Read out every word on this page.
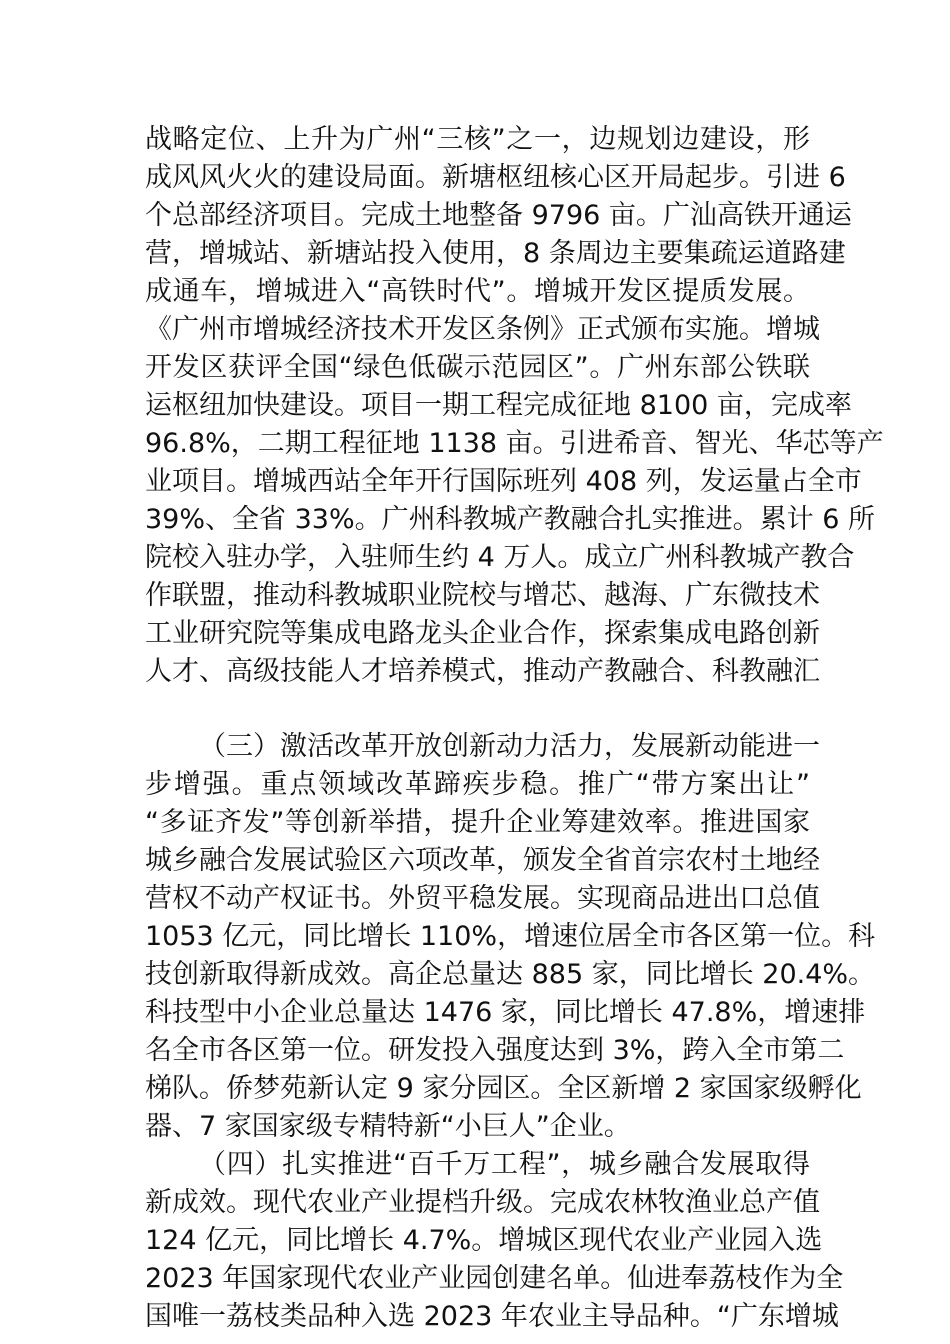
战略定位、上升为广州“三核”之一，边规划边建设，形
成风风火火的建设局面。新塘枢纽核心区开局起步。引进 6
个总部经济项目。完成土地整备 9796 亩。广汕高铁开通运
营，增城站、新塘站投入使用，8 条周边主要集疏运道路建
成通车，增城进入“高铁时代”。增城开发区提质发展。
《广州市增城经济技术开发区条例》正式颁布实施。增城
开发区获评全国“绿色低碳示范园区”。广州东部公铁联
运枢纽加快建设。项目一期工程完成征地 8100 亩，完成率
96.8%，二期工程征地 1138 亩。引进希音、智光、华芯等产
业项目。增城西站全年开行国际班列 408 列，发运量占全市
39%、全省 33%。广州科教城产教融合扎实推进。累计 6 所
院校入驻办学，入驻师生约 4 万人。成立广州科教城产教合
作联盟，推动科教城职业院校与增芯、越海、广东微技术
工业研究院等集成电路龙头企业合作，探索集成电路创新
人才、高级技能人才培养模式，推动产教融合、科教融汇
（三）激活改革开放创新动力活力，发展新动能进一
步增强。重点领域改革蹄疾步稳。推广“带方案出让”
“多证齐发”等创新举措，提升企业筹建效率。推进国家
城乡融合发展试验区六项改革，颁发全省首宗农村土地经
营权不动产权证书。外贸平稳发展。实现商品进出口总值
1053 亿元，同比增长 110%，增速位居全市各区第一位。科
技创新取得新成效。高企总量达 885 家，同比增长 20.4%。
科技型中小企业总量达 1476 家，同比增长 47.8%，增速排
名全市各区第一位。研发投入强度达到 3%，跨入全市第二
梯队。侨梦苑新认定 9 家分园区。全区新增 2 家国家级孵化
器、7 家国家级专精特新“小巨人”企业。
（四）扎实推进“百千万工程”，城乡融合发展取得
新成效。现代农业产业提档升级。完成农林牧渔业总产值
124 亿元，同比增长 4.7%。增城区现代农业产业园入选
2023 年国家现代农业产业园创建名单。仙进奉荔枝作为全
国唯一荔枝类品种入选 2023 年农业主导品种。“广东增城
